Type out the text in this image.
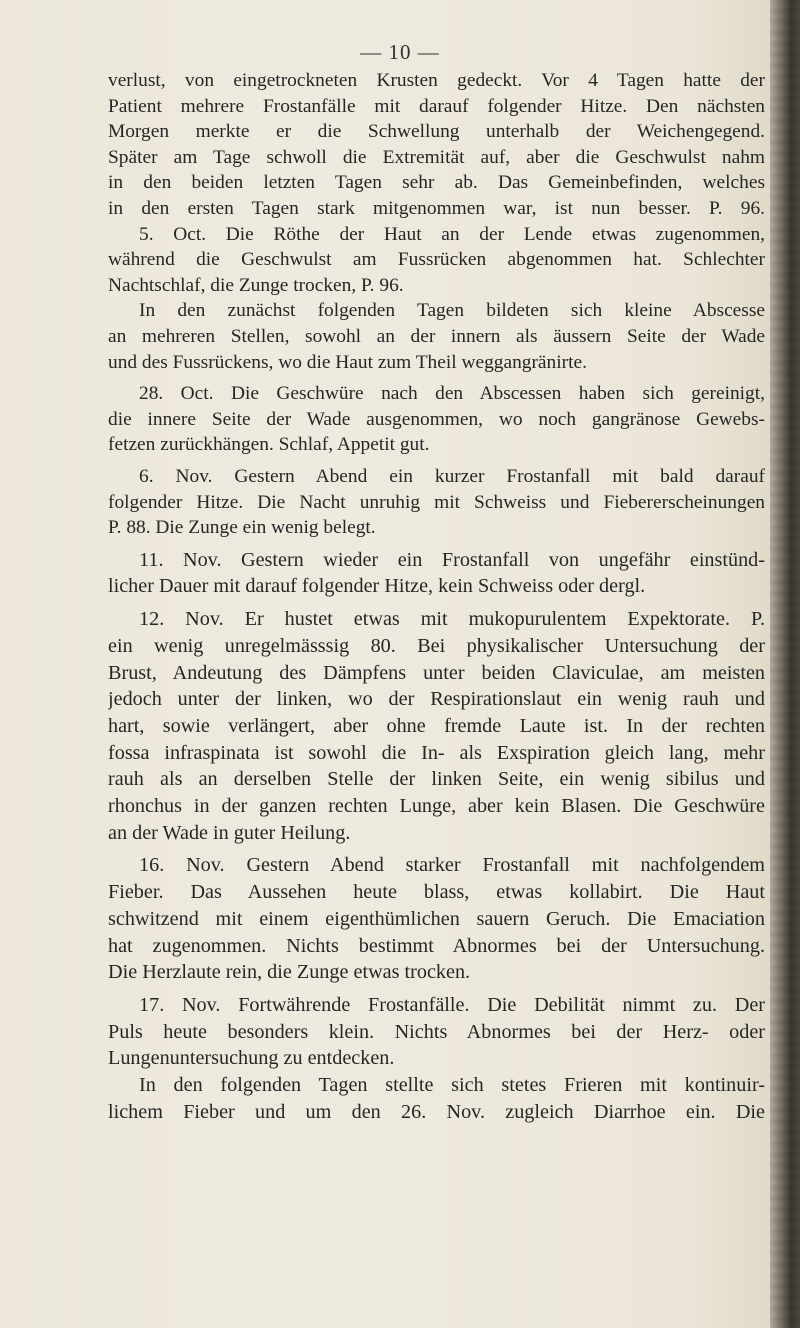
— 10 —

verlust, von eingetrockneten Krusten gedeckt. Vor 4 Tagen hatte der
Patient mehrere Frostanfälle mit darauf folgender Hitze. Den nächsten
Morgen merkte er die Schwellung unterhalb der Weichengegend.
Später am Tage schwoll die Extremität auf, aber die Geschwulst nahm
in den beiden letzten Tagen sehr ab. Das Gemeinbefinden, welches
in den ersten Tagen stark mitgenommen war, ist nun besser. P. 96.

5. Oct. Die Röthe der Haut an der Lende etwas zugenommen,
während die Geschwulst am Fussrücken abgenommen hat. Schlechter
Nachtschlaf, die Zunge trocken, P. 96.

In den zunächst folgenden Tagen bildeten sich kleine Abscesse
an mehreren Stellen, sowohl an der innern als äussern Seite der Wade
und des Fussrückens, wo die Haut zum Theil weggangränirte.

28. Oct. Die Geschwüre nach den Abscessen haben sich gereinigt,
die innere Seite der Wade ausgenommen, wo noch gangränose Gewebs-
fetzen zurückhängen. Schlaf, Appetit gut.

6. Nov. Gestern Abend ein kurzer Frostanfall mit bald darauf
folgender Hitze. Die Nacht unruhig mit Schweiss und Fiebererscheinungen
P. 88. Die Zunge ein wenig belegt.

11. Nov. Gestern wieder ein Frostanfall von ungefähr einstünd-
licher Dauer mit darauf folgender Hitze, kein Schweiss oder dergl.

12. Nov. Er hustet etwas mit mukopurulentem Expektorate. P.
ein wenig unregelmässsig 80. Bei physikalischer Untersuchung der
Brust, Andeutung des Dämpfens unter beiden Claviculae, am meisten
jedoch unter der linken, wo der Respirationslaut ein wenig rauh und
hart, sowie verlängert, aber ohne fremde Laute ist. In der rechten
fossa infraspinata ist sowohl die In- als Exspiration gleich lang, mehr
rauh als an derselben Stelle der linken Seite, ein wenig sibilus und
rhonchus in der ganzen rechten Lunge, aber kein Blasen. Die Geschwüre
an der Wade in guter Heilung.

16. Nov. Gestern Abend starker Frostanfall mit nachfolgendem
Fieber. Das Aussehen heute blass, etwas kollabirt. Die Haut
schwitzend mit einem eigenthümlichen sauern Geruch. Die Emaciation
hat zugenommen. Nichts bestimmt Abnormes bei der Untersuchung.
Die Herzlaute rein, die Zunge etwas trocken.

17. Nov. Fortwährende Frostanfälle. Die Debilität nimmt zu. Der
Puls heute besonders klein. Nichts Abnormes bei der Herz- oder
Lungenuntersuchung zu entdecken.

In den folgenden Tagen stellte sich stetes Frieren mit kontinuir-
lichem Fieber und um den 26. Nov. zugleich Diarrhoe ein. Die
